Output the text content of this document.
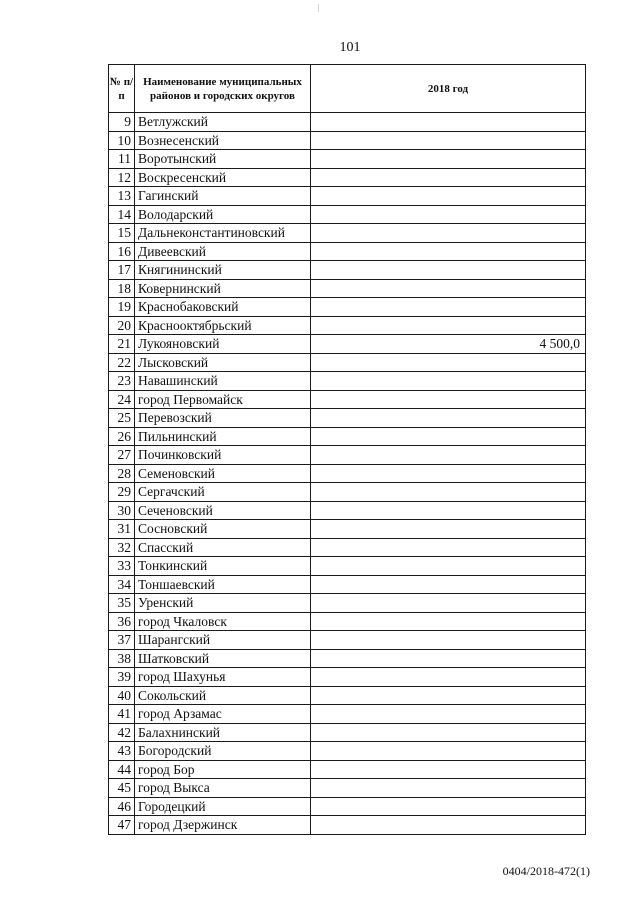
101
№ п/п	Наименование муниципальных районов и городских округов	2018 год
9	Ветлужский	
10	Вознесенский	
11	Воротынский	
12	Воскресенский	
13	Гагинский	
14	Володарский	
15	Дальнеконстантиновский	
16	Дивеевский	
17	Княгининский	
18	Ковернинский	
19	Краснобаковский	
20	Краснооктябрьский	
21	Лукояновский	4 500,0
22	Лысковский	
23	Навашинский	
24	город Первомайск	
25	Перевозский	
26	Пильнинский	
27	Починковский	
28	Семеновский	
29	Сергачский	
30	Сеченовский	
31	Сосновский	
32	Спасский	
33	Тонкинский	
34	Тоншаевский	
35	Уренский	
36	город Чкаловск	
37	Шарангский	
38	Шатковский	
39	город Шахунья	
40	Сокольский	
41	город Арзамас	
42	Балахнинский	
43	Богородский	
44	город Бор	
45	город Выкса	
46	Городецкий	
47	город Дзержинск	
0404/2018-472(1)
